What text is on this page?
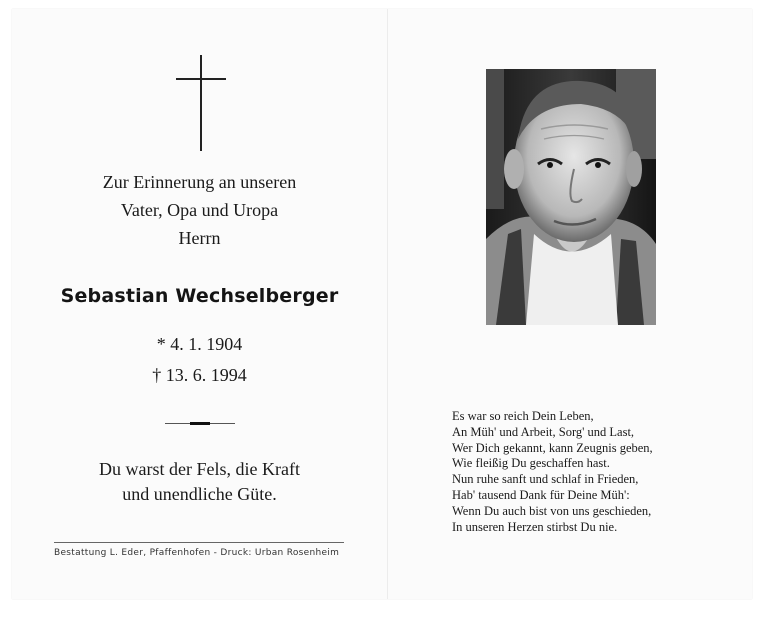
Zur Erinnerung an unseren
Vater, Opa und Uropa
Herrn
Sebastian Wechselberger
* 4. 1. 1904
† 13. 6. 1994
Du warst der Fels, die Kraft
und unendliche Güte.
Bestattung L. Eder, Pfaffenhofen - Druck: Urban Rosenheim
Es war so reich Dein Leben,
An Müh' und Arbeit, Sorg' und Last,
Wer Dich gekannt, kann Zeugnis geben,
Wie fleißig Du geschaffen hast.
Nun ruhe sanft und schlaf in Frieden,
Hab' tausend Dank für Deine Müh':
Wenn Du auch bist von uns geschieden,
In unseren Herzen stirbst Du nie.
